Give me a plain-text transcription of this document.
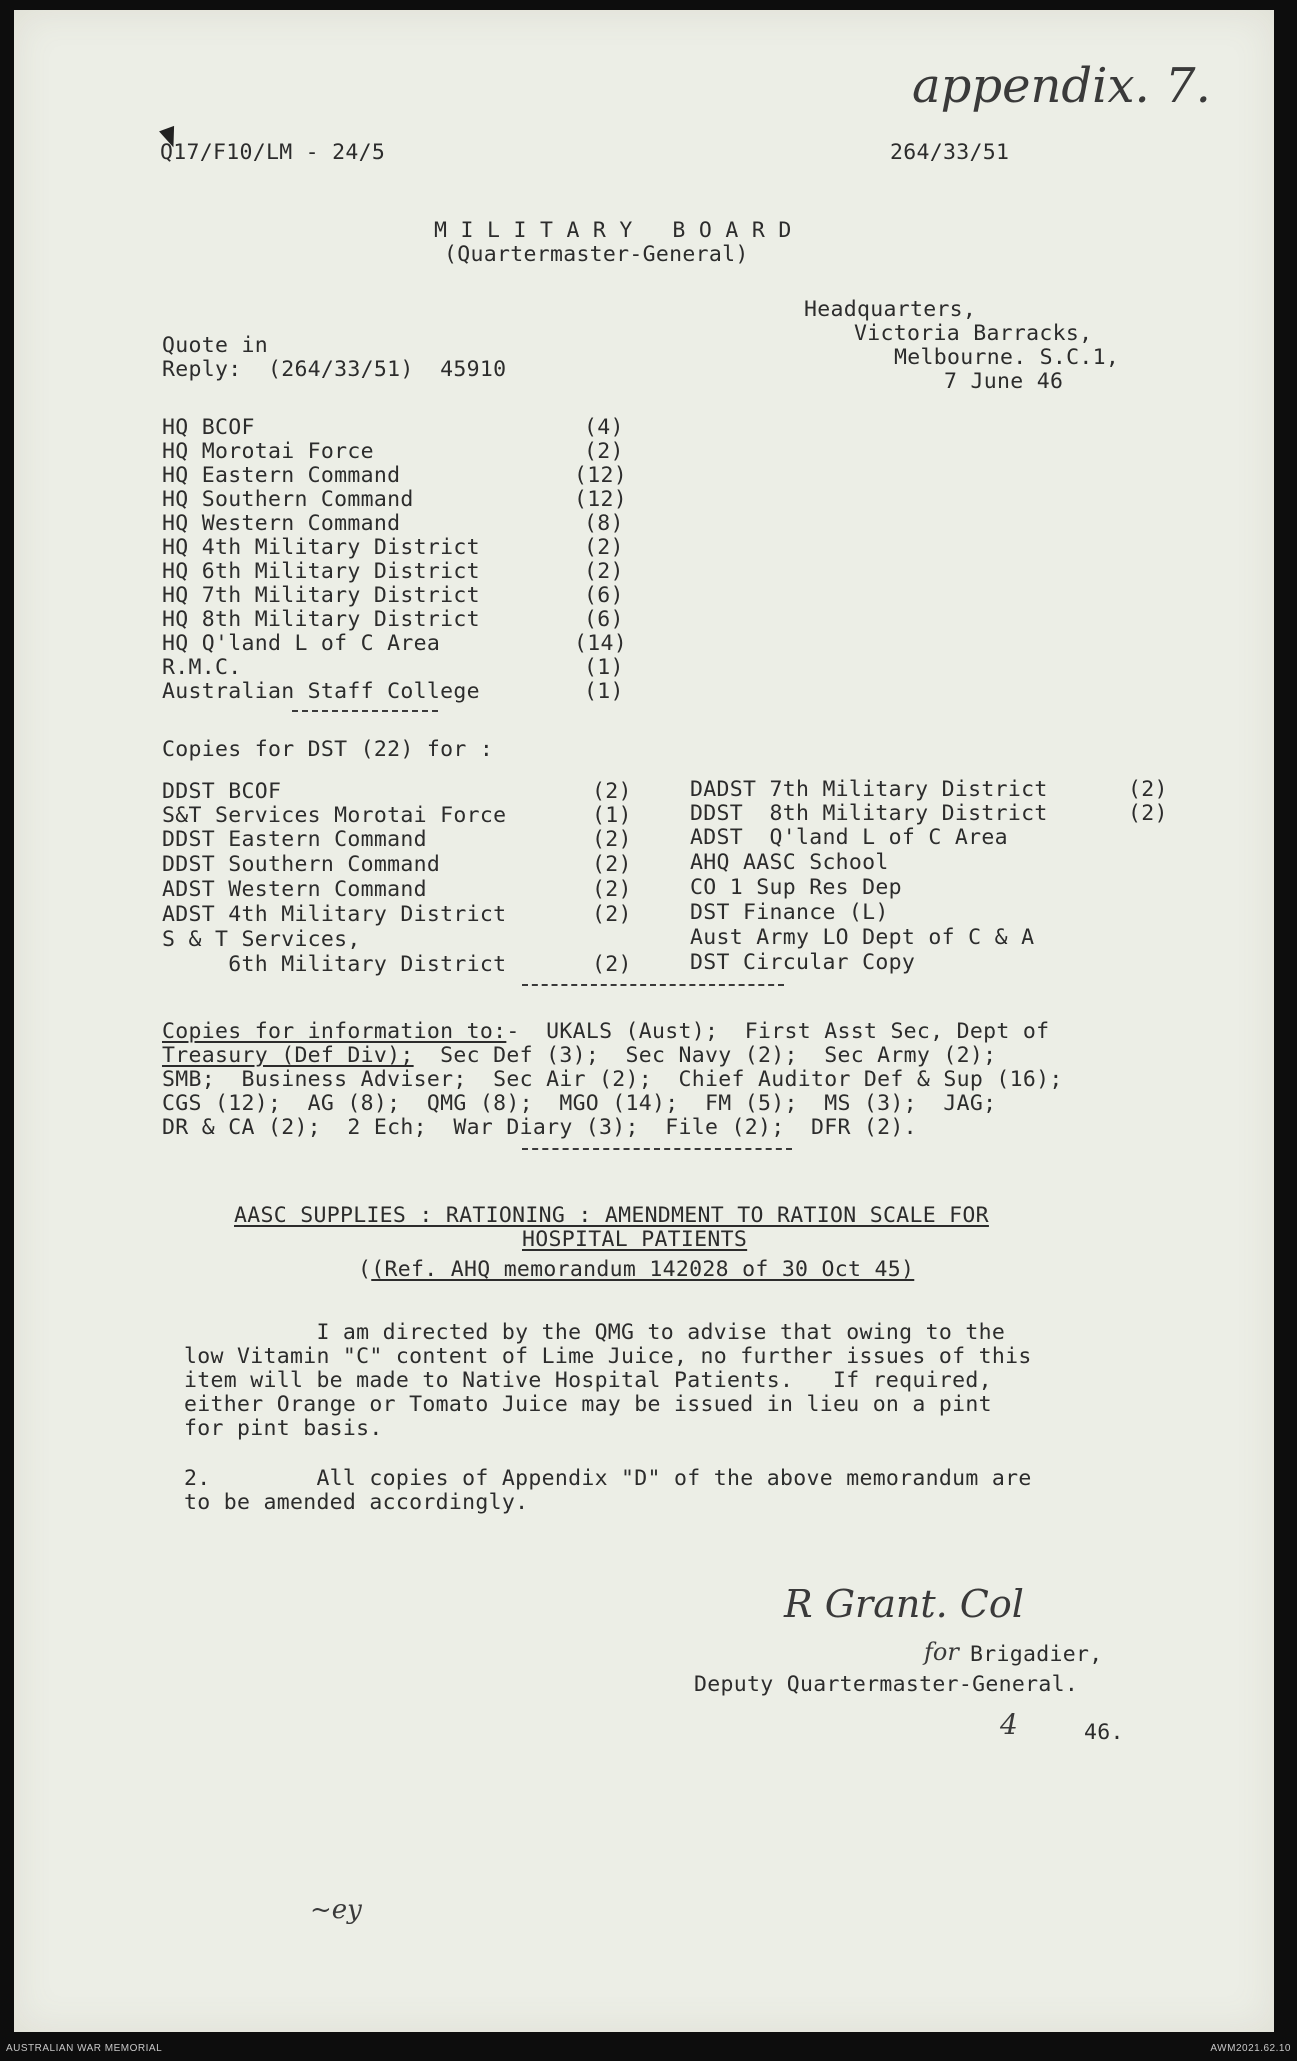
appendix. 7.
Q17/F10/LM - 24/5	264/33/51
M I L I T A R Y   B O A R D
(Quartermaster-General)
Headquarters,
Victoria Barracks,
Melbourne. S.C.1,
Quote in
Reply:  (264/33/51)  45910	7 June 46
HQ BCOF	(4)
HQ Morotai Force	(2)
HQ Eastern Command	(12)
HQ Southern Command	(12)
HQ Western Command	(8)
HQ 4th Military District	(2)
HQ 6th Military District	(2)
HQ 7th Military District	(6)
HQ 8th Military District	(6)
HQ Q'land L of C Area	(14)
R.M.C.	(1)
Australian Staff College	(1)
Copies for DST (22) for :
DDST BCOF	(2)
S&T Services Morotai Force	(1)
DDST Eastern Command	(2)
DDST Southern Command	(2)
ADST Western Command	(2)
ADST 4th Military District	(2)
S & T Services,
6th Military District	(2)
DADST 7th Military District	(2)
DDST  8th Military District	(2)
ADST  Q'land L of C Area
AHQ AASC School
CO 1 Sup Res Dep
DST Finance (L)
Aust Army LO Dept of C & A
DST Circular Copy
Copies for information to:-  UKALS (Aust);  First Asst Sec, Dept of
Treasury (Def Div);  Sec Def (3);  Sec Navy (2);  Sec Army (2);
SMB;  Business Adviser;  Sec Air (2);  Chief Auditor Def & Sup (16);
CGS (12);  AG (8);  QMG (8);  MGO (14);  FM (5);  MS (3);  JAG;
DR & CA (2);  2 Ech;  War Diary (3);  File (2);  DFR (2).
AASC SUPPLIES : RATIONING : AMENDMENT TO RATION SCALE FOR
HOSPITAL PATIENTS
((Ref. AHQ memorandum 142028 of 30 Oct 45)
I am directed by the QMG to advise that owing to the
low Vitamin "C" content of Lime Juice, no further issues of this
item will be made to Native Hospital Patients.   If required,
either Orange or Tomato Juice may be issued in lieu on a pint
for pint basis.
2.        All copies of Appendix "D" of the above memorandum are
to be amended accordingly.
R Grant. Col
for Brigadier,
Deputy Quartermaster-General.
4	46.
~ey
AUSTRALIAN WAR MEMORIAL	AWM2021.62.10
